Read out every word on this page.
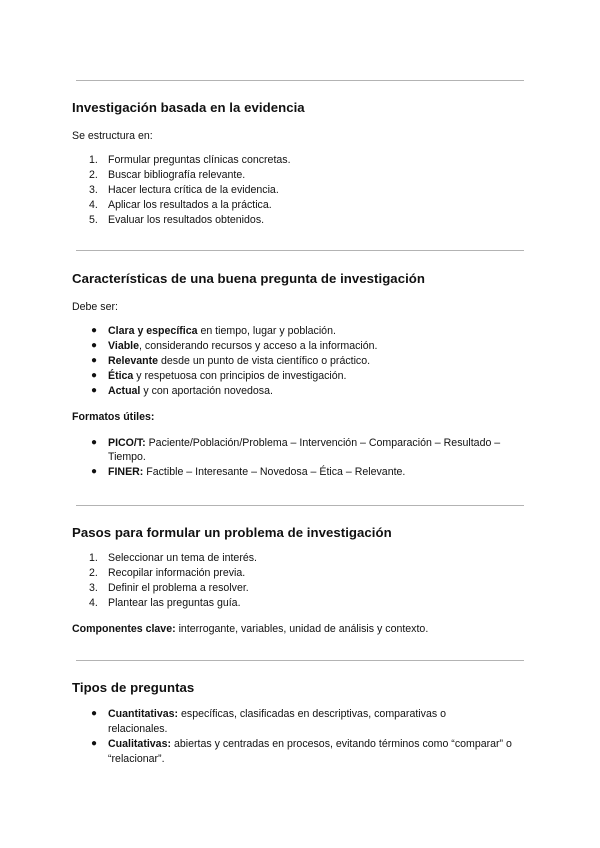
Investigación basada en la evidencia

Se estructura en:

1. Formular preguntas clínicas concretas.
2. Buscar bibliografía relevante.
3. Hacer lectura crítica de la evidencia.
4. Aplicar los resultados a la práctica.
5. Evaluar los resultados obtenidos.
Características de una buena pregunta de investigación

Debe ser:

● Clara y específica en tiempo, lugar y población.
● Viable, considerando recursos y acceso a la información.
● Relevante desde un punto de vista científico o práctico.
● Ética y respetuosa con principios de investigación.
● Actual y con aportación novedosa.

Formatos útiles:

● PICO/T: Paciente/Población/Problema – Intervención – Comparación – Resultado – Tiempo.
● FINER: Factible – Interesante – Novedosa – Ética – Relevante.
Pasos para formular un problema de investigación
1. Seleccionar un tema de interés.
2. Recopilar información previa.
3. Definir el problema a resolver.
4. Plantear las preguntas guía.

Componentes clave: interrogante, variables, unidad de análisis y contexto.

Tipos de preguntas
● Cuantitativas: específicas, clasificadas en descriptivas, comparativas o relacionales.
● Cualitativas: abiertas y centradas en procesos, evitando términos como “comparar” o “relacionar”.
